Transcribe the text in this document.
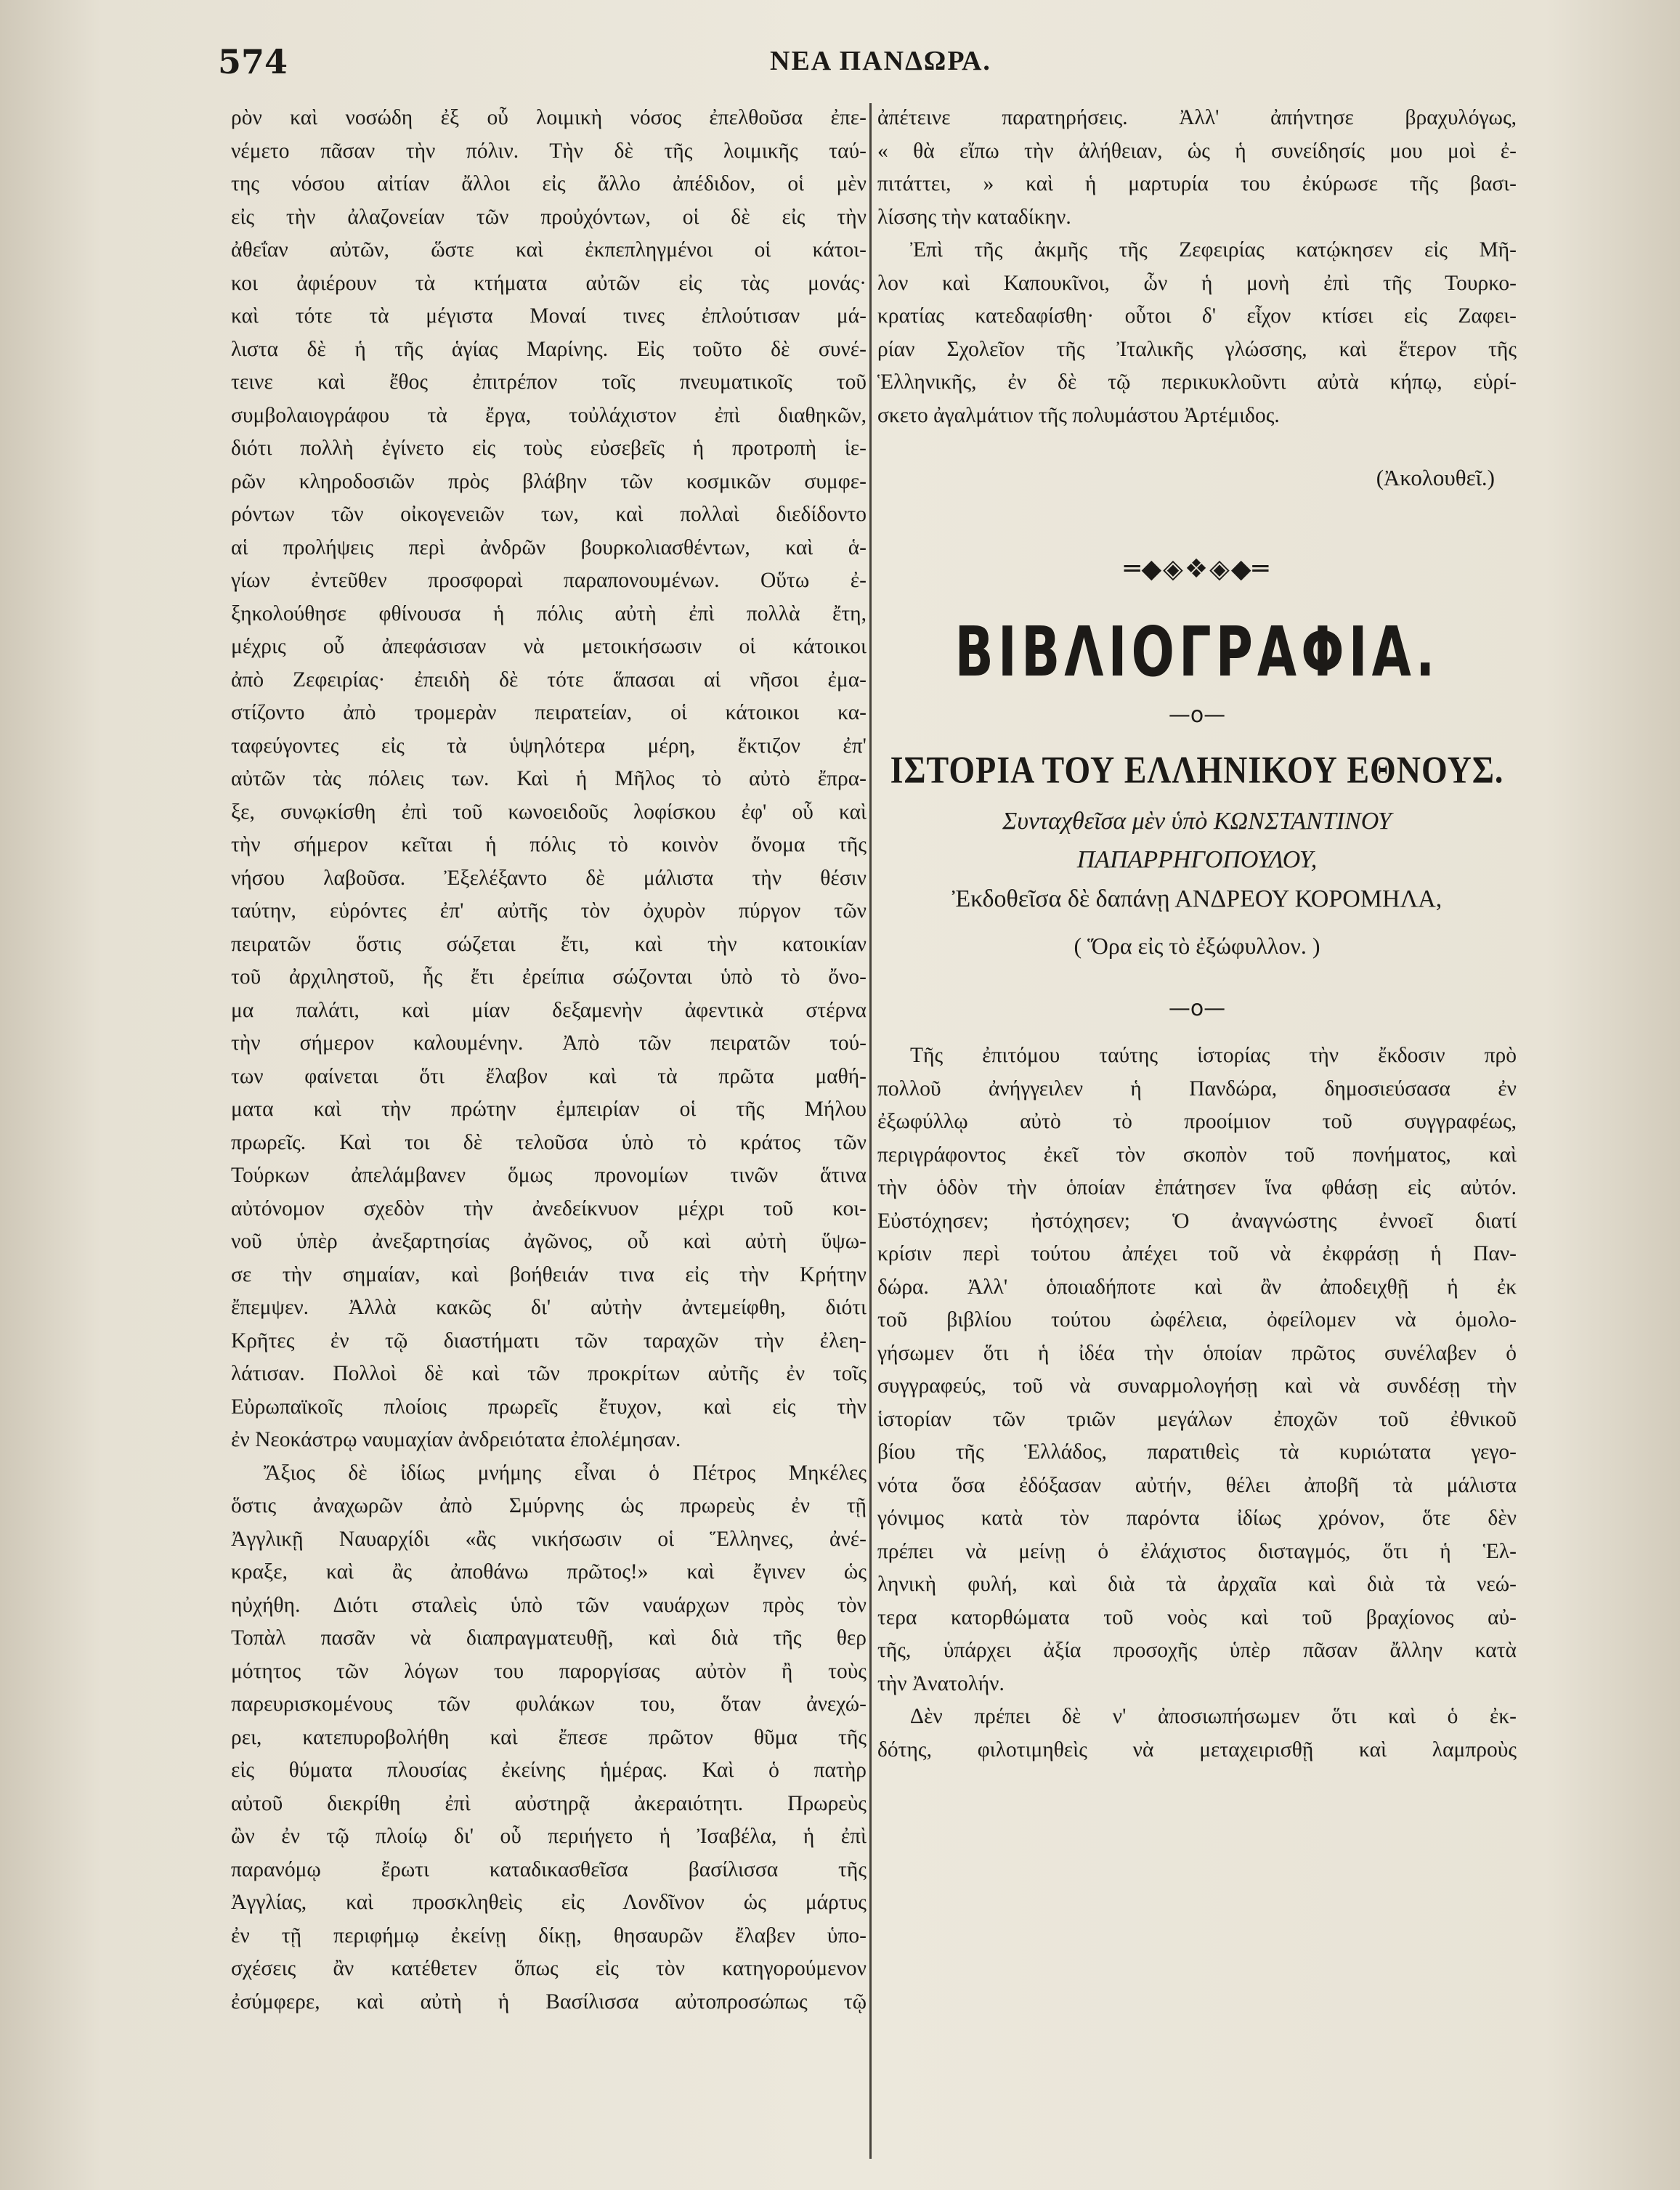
574	ΝΕΑ ΠΑΝΔΩΡΑ.
ρὸν καὶ νοσώδη ἐξ οὗ λοιμικὴ νόσος ἐπελθοῦσα ἐπε-
νέμετο πᾶσαν τὴν πόλιν. Τὴν δὲ τῆς λοιμικῆς ταύ-
της νόσου αἰτίαν ἄλλοι εἰς ἄλλο ἀπέδιδον, οἱ μὲν
εἰς τὴν ἀλαζονείαν τῶν προὐχόντων, οἱ δὲ εἰς τὴν
ἀθεΐαν αὐτῶν, ὥστε καὶ ἐκπεπληγμένοι οἱ κάτοι-
κοι ἀφιέρουν τὰ κτήματα αὐτῶν εἰς τὰς μονάς·
καὶ τότε τὰ μέγιστα Μοναί τινες ἐπλούτισαν μά-
λιστα δὲ ἡ τῆς ἁγίας Μαρίνης. Εἰς τοῦτο δὲ συνέ-
τεινε καὶ ἔθος ἐπιτρέπον τοῖς πνευματικοῖς τοῦ
συμβολαιογράφου τὰ ἔργα, τοὐλάχιστον ἐπὶ διαθηκῶν,
διότι πολλὴ ἐγίνετο εἰς τοὺς εὐσεβεῖς ἡ προτροπὴ ἱε-
ρῶν κληροδοσιῶν πρὸς βλάβην τῶν κοσμικῶν συμφε-
ρόντων τῶν οἰκογενειῶν των, καὶ πολλαὶ διεδίδοντο
αἱ προλήψεις περὶ ἀνδρῶν βουρκολιασθέντων, καὶ ἁ-
γίων ἐντεῦθεν προσφοραὶ παραπονουμένων. Οὕτω ἐ-
ξηκολούθησε φθίνουσα ἡ πόλις αὐτὴ ἐπὶ πολλὰ ἔτη,
μέχρις οὗ ἀπεφάσισαν νὰ μετοικήσωσιν οἱ κάτοικοι
ἀπὸ Ζεφειρίας· ἐπειδὴ δὲ τότε ἅπασαι αἱ νῆσοι ἐμα-
στίζοντο ἀπὸ τρομερὰν πειρατείαν, οἱ κάτοικοι κα-
ταφεύγοντες εἰς τὰ ὑψηλότερα μέρη, ἔκτιζον ἐπ'
αὐτῶν τὰς πόλεις των. Καὶ ἡ Μῆλος τὸ αὐτὸ ἔπρα-
ξε, συνῳκίσθη ἐπὶ τοῦ κωνοειδοῦς λοφίσκου ἐφ' οὗ καὶ
τὴν σήμερον κεῖται ἡ πόλις τὸ κοινὸν ὄνομα τῆς
νήσου λαβοῦσα. Ἐξελέξαντο δὲ μάλιστα τὴν θέσιν
ταύτην, εὑρόντες ἐπ' αὐτῆς τὸν ὀχυρὸν πύργον τῶν
πειρατῶν ὅστις σώζεται ἔτι, καὶ τὴν κατοικίαν
τοῦ ἀρχιληστοῦ, ἧς ἔτι ἐρείπια σώζονται ὑπὸ τὸ ὄνο-
μα παλάτι, καὶ μίαν δεξαμενὴν ἀφεντικὰ στέρνα
τὴν σήμερον καλουμένην. Ἀπὸ τῶν πειρατῶν τού-
των φαίνεται ὅτι ἔλαβον καὶ τὰ πρῶτα μαθή-
ματα καὶ τὴν πρώτην ἐμπειρίαν οἱ τῆς Μήλου
πρωρεῖς. Καὶ τοι δὲ τελοῦσα ὑπὸ τὸ κράτος τῶν
Τούρκων ἀπελάμβανεν ὅμως προνομίων τινῶν ἅτινα
αὐτόνομον σχεδὸν τὴν ἀνεδείκνυον μέχρι τοῦ κοι-
νοῦ ὑπὲρ ἀνεξαρτησίας ἀγῶνος, οὗ καὶ αὐτὴ ὕψω-
σε τὴν σημαίαν, καὶ βοήθειάν τινα εἰς τὴν Κρήτην
ἔπεμψεν. Ἀλλὰ κακῶς δι' αὐτὴν ἀντεμείφθη, διότι
Κρῆτες ἐν τῷ διαστήματι τῶν ταραχῶν τὴν ἐλεη-
λάτισαν. Πολλοὶ δὲ καὶ τῶν προκρίτων αὐτῆς ἐν τοῖς
Εὐρωπαϊκοῖς πλοίοις πρωρεῖς ἔτυχον, καὶ εἰς τὴν
ἐν Νεοκάστρῳ ναυμαχίαν ἀνδρειότατα ἐπολέμησαν.
Ἄξιος δὲ ἰδίως μνήμης εἶναι ὁ Πέτρος Μηκέλες
ὅστις ἀναχωρῶν ἀπὸ Σμύρνης ὡς πρωρεὺς ἐν τῇ
Ἀγγλικῇ Ναυαρχίδι «ἂς νικήσωσιν οἱ Ἕλληνες, ἀνέ-
κραξε, καὶ ἂς ἀποθάνω πρῶτος!» καὶ ἔγινεν ὡς
ηὐχήθη. Διότι σταλεὶς ὑπὸ τῶν ναυάρχων πρὸς τὸν
Τοπὰλ πασᾶν νὰ διαπραγματευθῇ, καὶ διὰ τῆς θερ
μότητος τῶν λόγων του παροργίσας αὐτὸν ἢ τοὺς
παρευρισκομένους τῶν φυλάκων του, ὅταν ἀνεχώ-
ρει, κατεπυροβολήθη καὶ ἔπεσε πρῶτον θῦμα τῆς
εἰς θύματα πλουσίας ἐκείνης ἡμέρας. Καὶ ὁ πατὴρ
αὐτοῦ διεκρίθη ἐπὶ αὐστηρᾷ ἀκεραιότητι. Πρωρεὺς
ὢν ἐν τῷ πλοίῳ δι' οὗ περιήγετο ἡ Ἰσαβέλα, ἡ ἐπὶ
παρανόμῳ ἔρωτι καταδικασθεῖσα βασίλισσα τῆς
Ἀγγλίας, καὶ προσκληθεὶς εἰς Λονδῖνον ὡς μάρτυς
ἐν τῇ περιφήμῳ ἐκείνῃ δίκῃ, θησαυρῶν ἔλαβεν ὑπο-
σχέσεις ἂν κατέθετεν ὅπως εἰς τὸν κατηγορούμενον
ἐσύμφερε, καὶ αὐτὴ ἡ Βασίλισσα αὐτοπροσώπως τῷ
ἀπέτεινε παρατηρήσεις. Ἀλλ' ἀπήντησε βραχυλόγως,
« θὰ εἴπω τὴν ἀλήθειαν, ὡς ἡ συνείδησίς μου μοὶ ἐ-
πιτάττει, » καὶ ἡ μαρτυρία του ἐκύρωσε τῆς βασι-
λίσσης τὴν καταδίκην.
Ἐπὶ τῆς ἀκμῆς τῆς Ζεφειρίας κατῴκησεν εἰς Μῆ-
λον καὶ Καπουκῖνοι, ὧν ἡ μονὴ ἐπὶ τῆς Τουρκο-
κρατίας κατεδαφίσθη· οὗτοι δ' εἶχον κτίσει εἰς Ζαφει-
ρίαν Σχολεῖον τῆς Ἰταλικῆς γλώσσης, καὶ ἕτερον τῆς
Ἑλληνικῆς, ἐν δὲ τῷ περικυκλοῦντι αὐτὰ κήπῳ, εὑρί-
σκετο ἀγαλμάτιον τῆς πολυμάστου Ἀρτέμιδος.
(Ἀκολουθεῖ.)
═◆◈❖◈◆═
ΒΙΒΛΙΟΓΡΑΦΙΑ.
—o—
ΙΣΤΟΡΙΑ ΤΟΥ ΕΛΛΗΝΙΚΟΥ ΕΘΝΟΥΣ.
Συνταχθεῖσα μὲν ὑπὸ ΚΩΝΣΤΑΝΤΙΝΟΥ
ΠΑΠΑΡΡΗΓΟΠΟΥΛΟΥ,
Ἐκδοθεῖσα δὲ δαπάνῃ ΑΝΔΡΕΟΥ ΚΟΡΟΜΗΛΑ,
( Ὅρα εἰς τὸ ἐξώφυλλον. )
—o—
Τῆς ἐπιτόμου ταύτης ἱστορίας τὴν ἔκδοσιν πρὸ
πολλοῦ ἀνήγγειλεν ἡ Πανδώρα, δημοσιεύσασα ἐν
ἐξωφύλλῳ αὐτὸ τὸ προοίμιον τοῦ συγγραφέως,
περιγράφοντος ἐκεῖ τὸν σκοπὸν τοῦ πονήματος, καὶ
τὴν ὁδὸν τὴν ὁποίαν ἐπάτησεν ἵνα φθάσῃ εἰς αὐτόν.
Εὐστόχησεν; ἠστόχησεν; Ὁ ἀναγνώστης ἐννοεῖ διατί
κρίσιν περὶ τούτου ἀπέχει τοῦ νὰ ἐκφράσῃ ἡ Παν-
δώρα. Ἀλλ' ὁποιαδήποτε καὶ ἂν ἀποδειχθῇ ἡ ἐκ
τοῦ βιβλίου τούτου ὠφέλεια, ὀφείλομεν νὰ ὁμολο-
γήσωμεν ὅτι ἡ ἰδέα τὴν ὁποίαν πρῶτος συνέλαβεν ὁ
συγγραφεύς, τοῦ νὰ συναρμολογήσῃ καὶ νὰ συνδέσῃ τὴν
ἱστορίαν τῶν τριῶν μεγάλων ἐποχῶν τοῦ ἐθνικοῦ
βίου τῆς Ἑλλάδος, παρατιθεὶς τὰ κυριώτατα γεγο-
νότα ὅσα ἐδόξασαν αὐτήν, θέλει ἀποβῆ τὰ μάλιστα
γόνιμος κατὰ τὸν παρόντα ἰδίως χρόνον, ὅτε δὲν
πρέπει νὰ μείνῃ ὁ ἐλάχιστος δισταγμός, ὅτι ἡ Ἑλ-
ληνικὴ φυλή, καὶ διὰ τὰ ἀρχαῖα καὶ διὰ τὰ νεώ-
τερα κατορθώματα τοῦ νοὸς καὶ τοῦ βραχίονος αὐ-
τῆς, ὑπάρχει ἀξία προσοχῆς ὑπὲρ πᾶσαν ἄλλην κατὰ
τὴν Ἀνατολήν.
Δὲν πρέπει δὲ ν' ἀποσιωπήσωμεν ὅτι καὶ ὁ ἐκ-
δότης, φιλοτιμηθεὶς νὰ μεταχειρισθῇ καὶ λαμπροὺς
